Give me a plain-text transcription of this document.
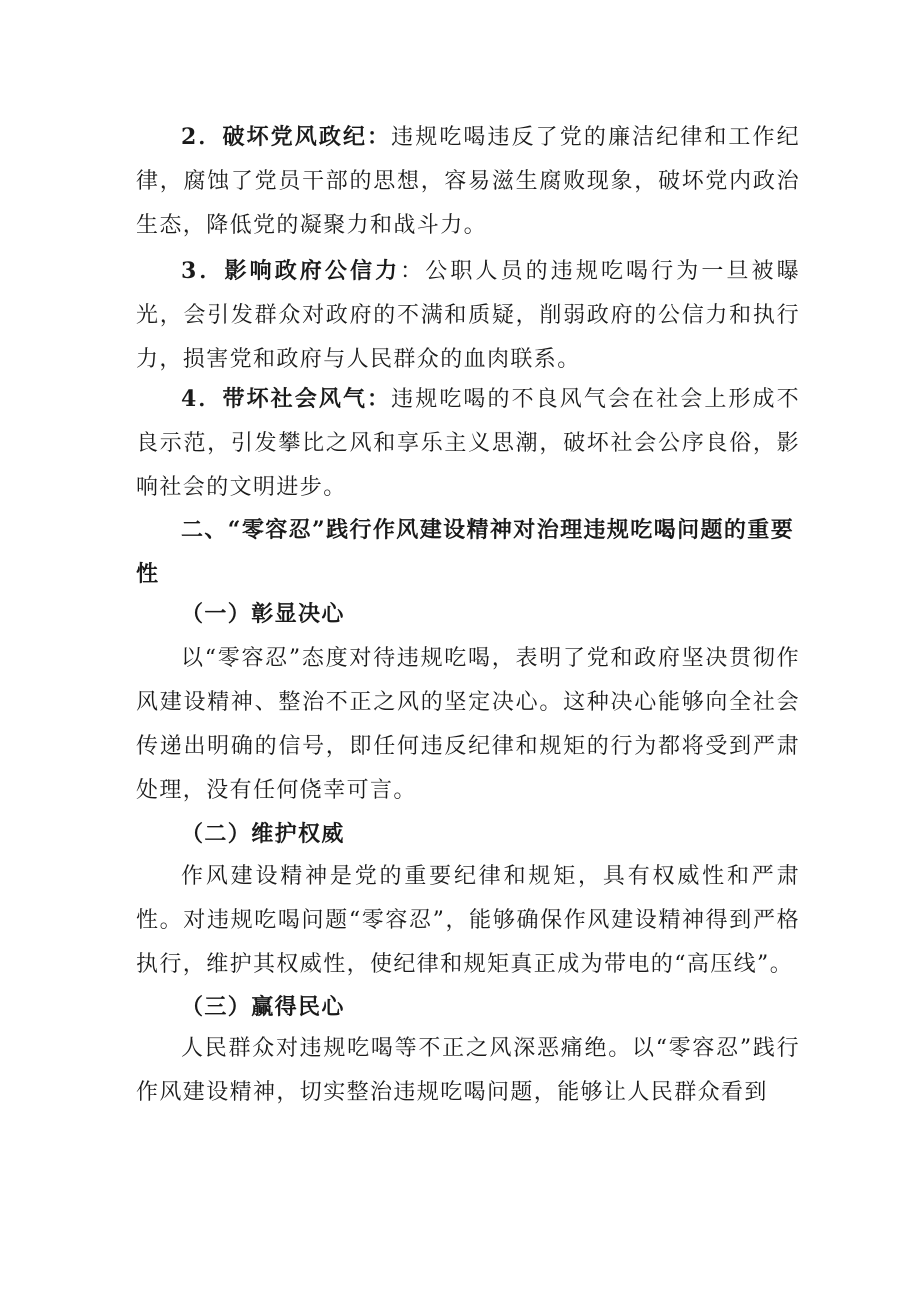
2．破坏党风政纪：违规吃喝违反了党的廉洁纪律和工作纪律，腐蚀了党员干部的思想，容易滋生腐败现象，破坏党内政治生态，降低党的凝聚力和战斗力。

3．影响政府公信力：公职人员的违规吃喝行为一旦被曝光，会引发群众对政府的不满和质疑，削弱政府的公信力和执行力，损害党和政府与人民群众的血肉联系。

4．带坏社会风气：违规吃喝的不良风气会在社会上形成不良示范，引发攀比之风和享乐主义思潮，破坏社会公序良俗，影响社会的文明进步。

二、“零容忍”践行作风建设精神对治理违规吃喝问题的重要性
（一）彰显决心

以“零容忍”态度对待违规吃喝，表明了党和政府坚决贯彻作风建设精神、整治不正之风的坚定决心。这种决心能够向全社会传递出明确的信号，即任何违反纪律和规矩的行为都将受到严肃处理，没有任何侥幸可言。

（二）维护权威

作风建设精神是党的重要纪律和规矩，具有权威性和严肃性。对违规吃喝问题“零容忍”，能够确保作风建设精神得到严格执行，维护其权威性，使纪律和规矩真正成为带电的“高压线”。

（三）赢得民心

人民群众对违规吃喝等不正之风深恶痛绝。以“零容忍”践行作风建设精神，切实整治违规吃喝问题，能够让人民群众看到
